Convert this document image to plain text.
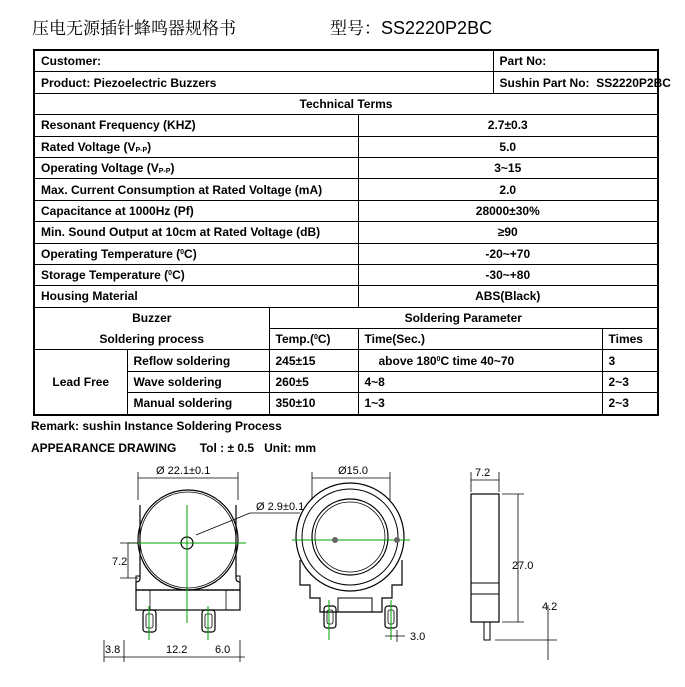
压电无源插针蜂鸣器规格书	型号：SS2220P2BC
Customer:				Part No:	
Product: Piezoelectric Buzzers				Sushin Part No: SS2220P2BC	
Technical Terms					
Resonant Frequency (KHZ)			2.7±0.3		
Rated Voltage $(V_{P-P})$			5.0		
Operating Voltage $(V_{P-P})$			3~15		
Max. Current Consumption at Rated Voltage (mA)			2.0		
Capacitance at 1000Hz (Pf)			28000±30%		
Min. Sound Output at 10cm at Rated Voltage (dB)			≥90		
Operating Temperature ($^0$C)			-20~+70		
Storage Temperature ($^0$C)			-30~+80		
Housing Material			ABS(Black)		
Buzzer		Soldering Parameter			
Soldering process		Temp.($^0$C)	Time(Sec.)		Times
Lead Free	Reflow soldering	245±15	above $180^0C$ time 40~70		3
	Wave soldering	260±5	4~8		2~3
	Manual soldering	350±10	1~3		2~3
Remark: sushin Instance Soldering Process
APPEARANCE DRAWING Tol : ± 0.5 Unit: mm
Ø 22.1±0.1
Ø 2.9±0.1
7.2
3.8	12.2	6.0
Ø15.0
3.0
7.2
27.0
4.2
